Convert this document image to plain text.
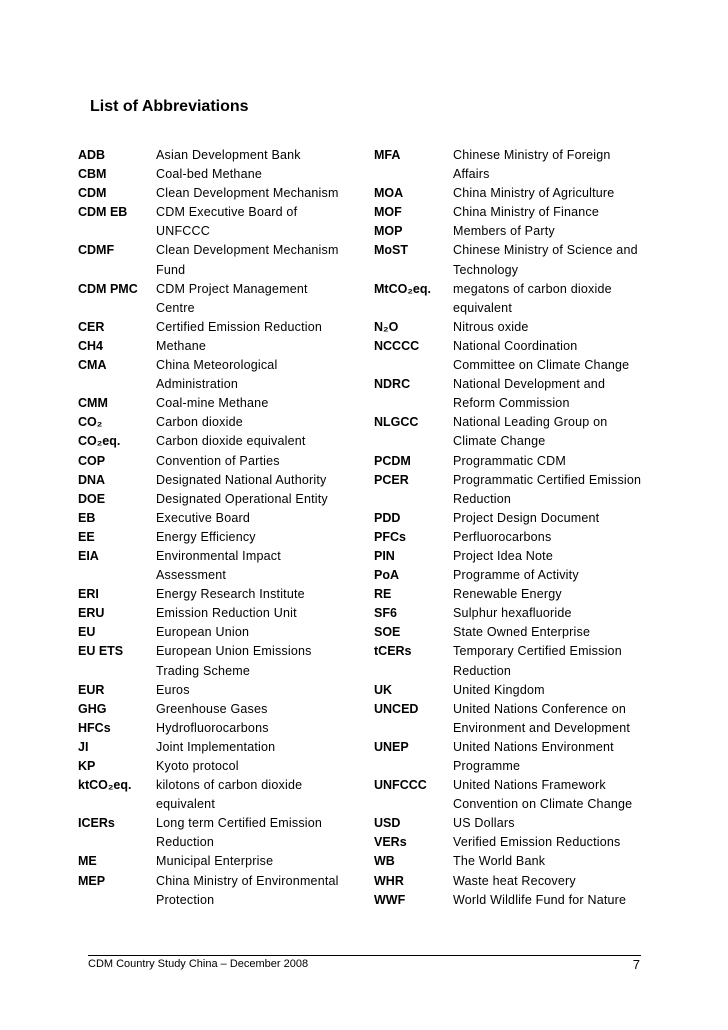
List of Abbreviations
ADB	Asian Development Bank
CBM	Coal-bed Methane
CDM	Clean Development Mechanism
CDM EB	CDM Executive Board of
UNFCCC
CDMF	Clean Development Mechanism
Fund
CDM PMC	CDM Project Management
Centre
CER	Certified Emission Reduction
CH4	Methane
CMA	China Meteorological
Administration
CMM	Coal-mine Methane
CO₂	Carbon dioxide
CO₂eq.	Carbon dioxide equivalent
COP	Convention of Parties
DNA	Designated National Authority
DOE	Designated Operational Entity
EB	Executive Board
EE	Energy Efficiency
EIA	Environmental Impact
Assessment
ERI	Energy Research Institute
ERU	Emission Reduction Unit
EU	European Union
EU ETS	European Union Emissions
Trading Scheme
EUR	Euros
GHG	Greenhouse Gases
HFCs	Hydrofluorocarbons
JI	Joint Implementation
KP	Kyoto protocol
ktCO₂eq.	kilotons of carbon dioxide
equivalent
ICERs	Long term Certified Emission
Reduction
ME	Municipal Enterprise
MEP	China Ministry of Environmental
Protection
MFA	Chinese Ministry of Foreign
Affairs
MOA	China Ministry of Agriculture
MOF	China Ministry of Finance
MOP	Members of Party
MoST	Chinese Ministry of Science and
Technology
MtCO₂eq.	megatons of carbon dioxide
equivalent
N₂O	Nitrous oxide
NCCCC	National Coordination
Committee on Climate Change
NDRC	National Development and
Reform Commission
NLGCC	National Leading Group on
Climate Change
PCDM	Programmatic CDM
PCER	Programmatic Certified Emission
Reduction
PDD	Project Design Document
PFCs	Perfluorocarbons
PIN	Project Idea Note
PoA	Programme of Activity
RE	Renewable Energy
SF6	Sulphur hexafluoride
SOE	State Owned Enterprise
tCERs	Temporary Certified Emission
Reduction
UK	United Kingdom
UNCED	United Nations Conference on
Environment and Development
UNEP	United Nations Environment
Programme
UNFCCC	United Nations Framework
Convention on Climate Change
USD	US Dollars
VERs	Verified Emission Reductions
WB	The World Bank
WHR	Waste heat Recovery
WWF	World Wildlife Fund for Nature
CDM Country Study China – December 2008	7
